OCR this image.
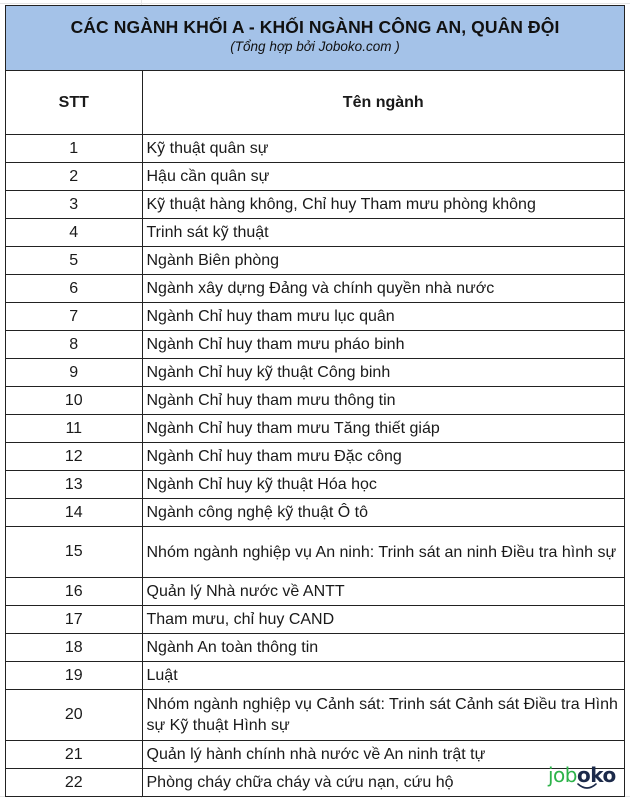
CÁC NGÀNH KHỐI A - KHỐI NGÀNH CÔNG AN, QUÂN ĐỘI
(Tổng hợp bởi Joboko.com )
STT	Tên ngành
1	Kỹ thuật quân sự
2	Hậu cần quân sự
3	Kỹ thuật hàng không, Chỉ huy Tham mưu phòng không
4	Trinh sát kỹ thuật
5	Ngành Biên phòng
6	Ngành xây dựng Đảng và chính quyền nhà nước
7	Ngành Chỉ huy tham mưu lục quân
8	Ngành Chỉ huy tham mưu pháo binh
9	Ngành Chỉ huy kỹ thuật Công binh
10	Ngành Chỉ huy tham mưu thông tin
11	Ngành Chỉ huy tham mưu Tăng thiết giáp
12	Ngành Chỉ huy tham mưu Đặc công
13	Ngành Chỉ huy kỹ thuật Hóa học
14	Ngành công nghệ kỹ thuật Ô tô
15	Nhóm ngành nghiệp vụ An ninh: Trinh sát an ninh Điều tra hình sự
16	Quản lý Nhà nước về ANTT
17	Tham mưu, chỉ huy CAND
18	Ngành An toàn thông tin
19	Luật
20	Nhóm ngành nghiệp vụ Cảnh sát: Trinh sát Cảnh sát Điều tra Hình sự Kỹ thuật Hình sự
21	Quản lý hành chính nhà nước về An ninh trật tự
22	Phòng cháy chữa cháy và cứu nạn, cứu hộ	joboko
